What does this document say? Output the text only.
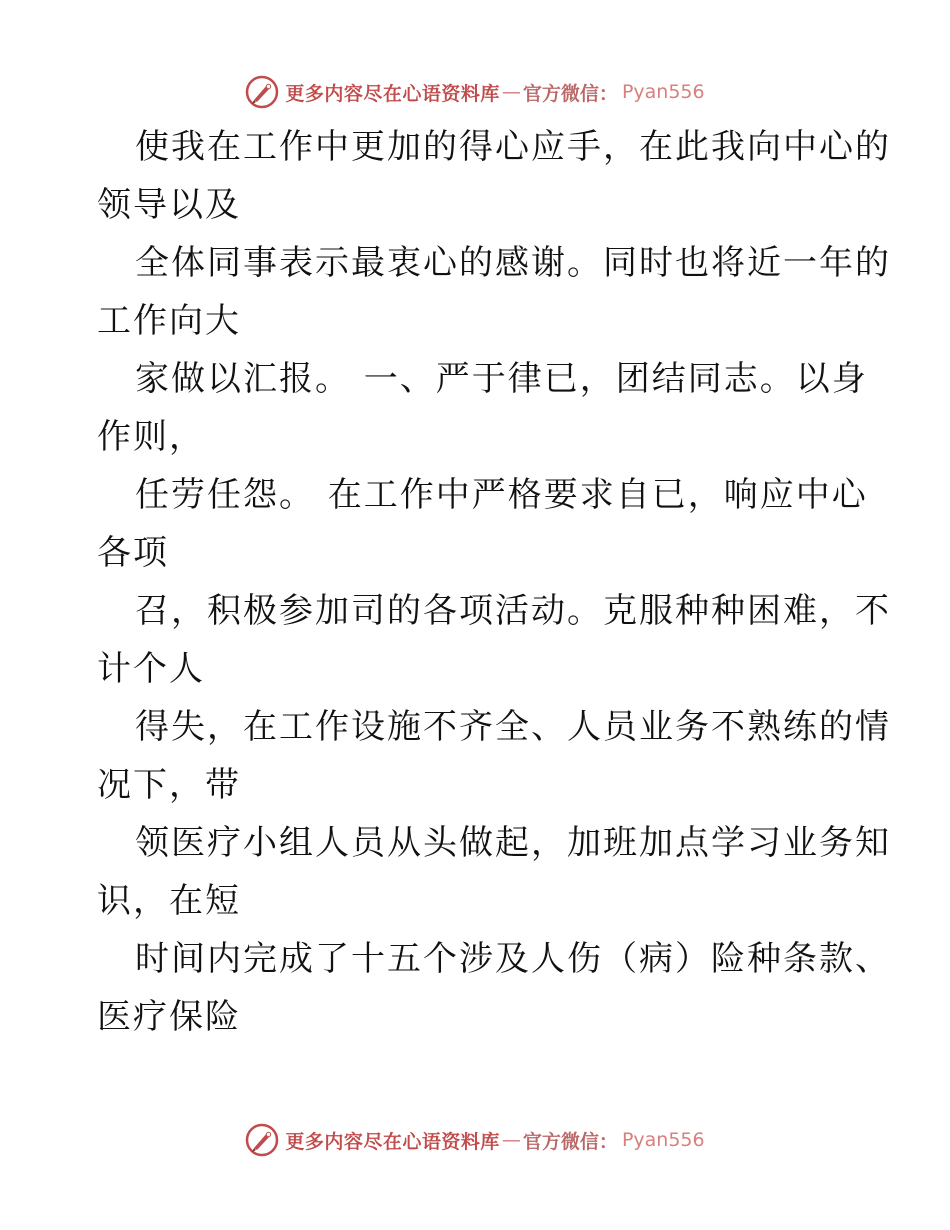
更多内容尽在心语资料库 — 官方微信： Pyan556
使我在工作中更加的得心应手，在此我向中心的
领导以及
全体同事表示最衷心的感谢。同时也将近一年的
工作向大
家做以汇报。 一、严于律已，团结同志。以身
作则，
任劳任怨。 在工作中严格要求自已，响应中心
各项
召，积极参加司的各项活动。克服种种困难，不
计个人
得失，在工作设施不齐全、人员业务不熟练的情
况下，带
领医疗小组人员从头做起，加班加点学习业务知
识，在短
时间内完成了十五个涉及人伤（病）险种条款、
医疗保险
更多内容尽在心语资料库 — 官方微信： Pyan556
